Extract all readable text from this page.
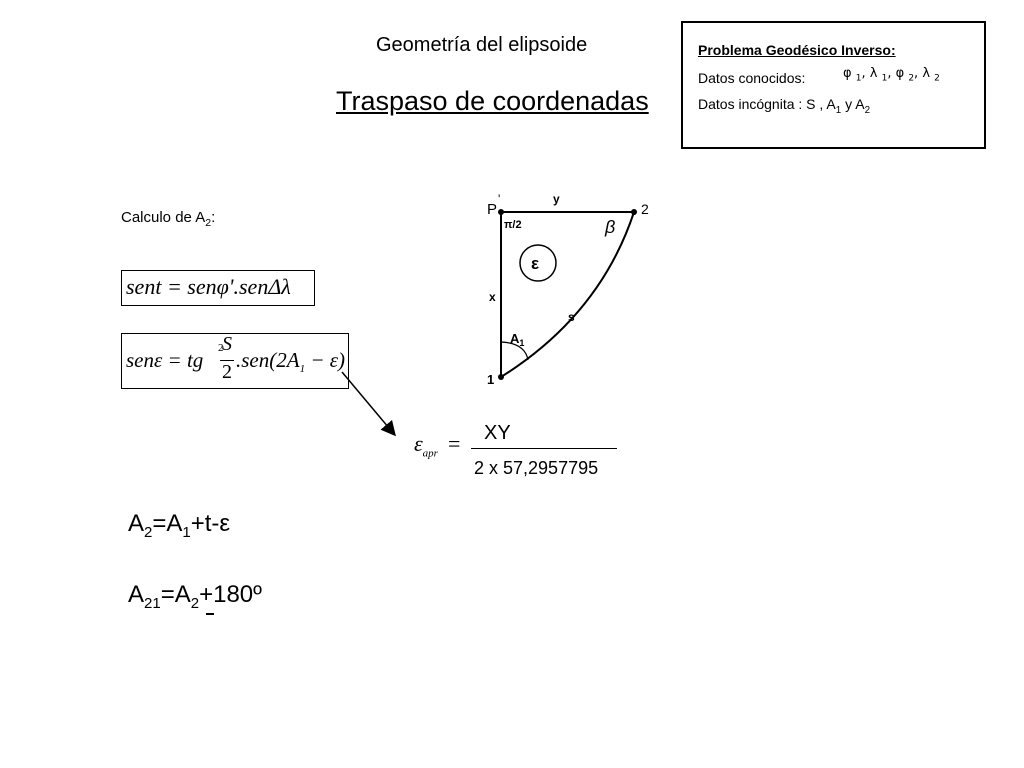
Geometría del elipsoide
Traspaso de coordenadas
Problema Geodésico Inverso:
Datos conocidos:	φ $_1$, λ $_1$, φ $_2$, λ $_2$
Datos incógnita : S , $A_1$ y $A_2$
Calculo de $A_2$:
sent = senφ'.senΔλ
senε = tg 2
S
2 $.sen(2A_1 - \varepsilon)$
$\varepsilon_{apr}$ = XY
2 x 57,2957795
P
'	y
2
π/2	β
ε
x
s
$A_1$
1
$A_2=A_1+t-\varepsilon$
$A_{21}=A_2+180º$
